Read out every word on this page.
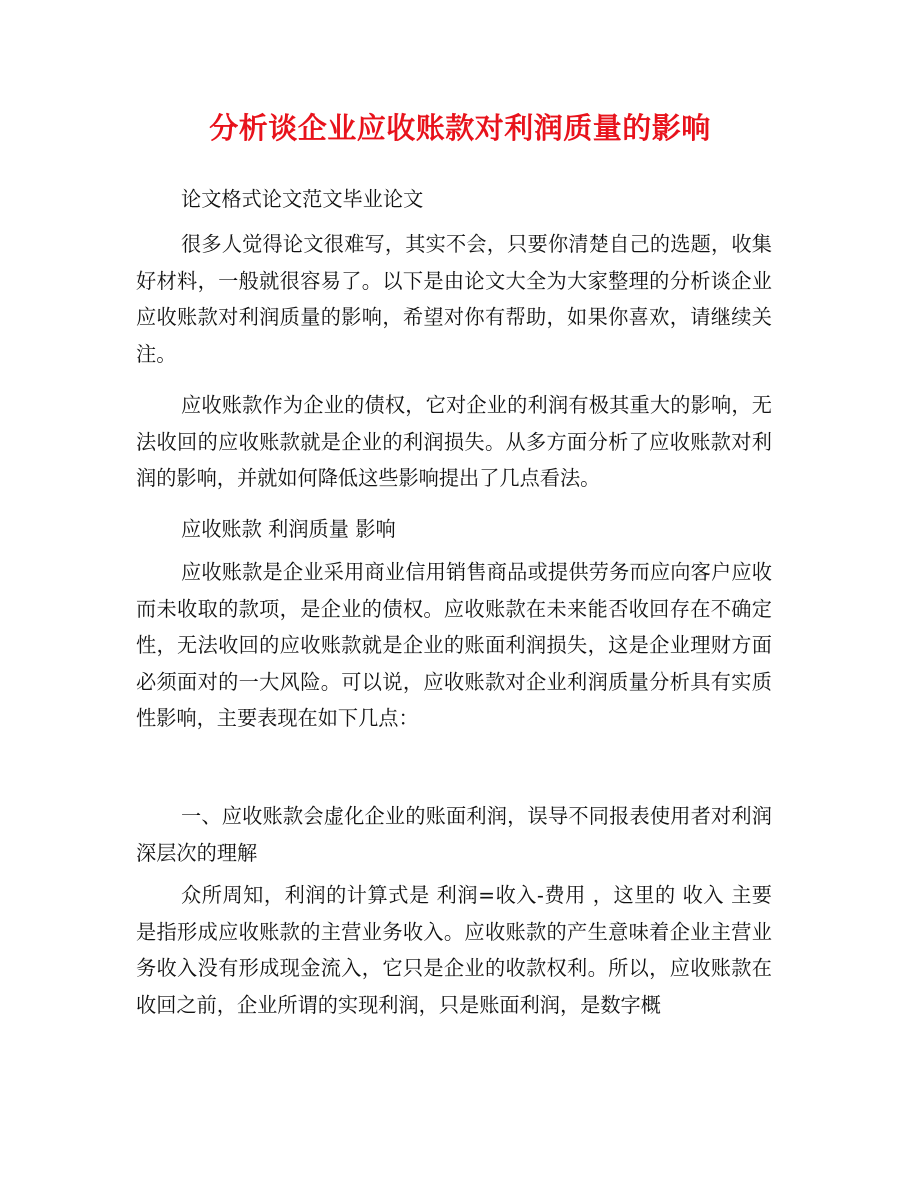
分析谈企业应收账款对利润质量的影响

论文格式论文范文毕业论文

很多人觉得论文很难写，其实不会，只要你清楚自己的选题，收集好材料，一般就很容易了。以下是由论文大全为大家整理的分析谈企业应收账款对利润质量的影响，希望对你有帮助，如果你喜欢，请继续关注。

应收账款作为企业的债权，它对企业的利润有极其重大的影响，无法收回的应收账款就是企业的利润损失。从多方面分析了应收账款对利润的影响，并就如何降低这些影响提出了几点看法。

应收账款 利润质量 影响

应收账款是企业采用商业信用销售商品或提供劳务而应向客户应收而未收取的款项，是企业的债权。应收账款在未来能否收回存在不确定性，无法收回的应收账款就是企业的账面利润损失，这是企业理财方面必须面对的一大风险。可以说，应收账款对企业利润质量分析具有实质性影响，主要表现在如下几点：

一、应收账款会虚化企业的账面利润，误导不同报表使用者对利润深层次的理解

众所周知，利润的计算式是 利润=收入-费用 ，这里的 收入 主要是指形成应收账款的主营业务收入。应收账款的产生意味着企业主营业务收入没有形成现金流入，它只是企业的收款权利。所以，应收账款在收回之前，企业所谓的实现利润，只是账面利润，是数字概
